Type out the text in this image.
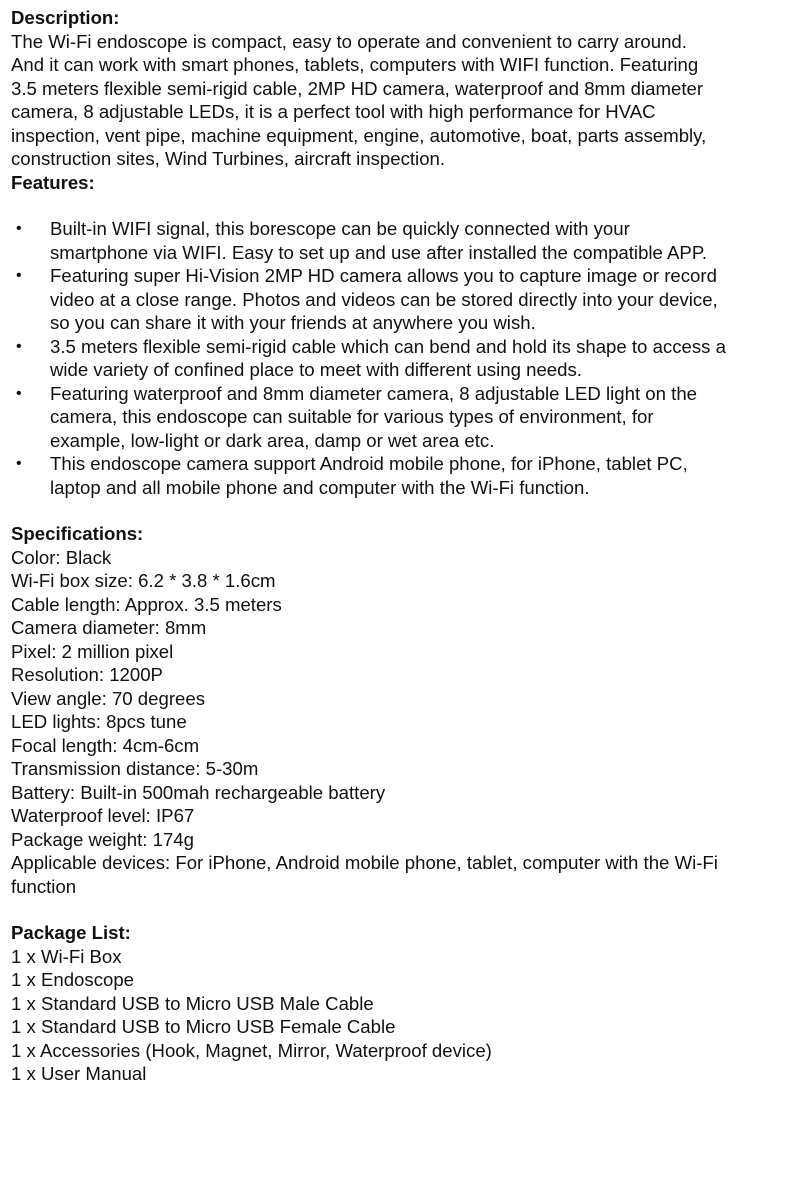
Description:

The Wi-Fi endoscope is compact, easy to operate and convenient to carry around. And it can work with smart phones, tablets, computers with WIFI function. Featuring 3.5 meters flexible semi-rigid cable, 2MP HD camera, waterproof and 8mm diameter camera, 8 adjustable LEDs, it is a perfect tool with high performance for HVAC inspection, vent pipe, machine equipment, engine, automotive, boat, parts assembly, construction sites, Wind Turbines, aircraft inspection.

Features:

• Built-in WIFI signal, this borescope can be quickly connected with your smartphone via WIFI. Easy to set up and use after installed the compatible APP.
• Featuring super Hi-Vision 2MP HD camera allows you to capture image or record video at a close range. Photos and videos can be stored directly into your device, so you can share it with your friends at anywhere you wish.
• 3.5 meters flexible semi-rigid cable which can bend and hold its shape to access a wide variety of confined place to meet with different using needs.
• Featuring waterproof and 8mm diameter camera, 8 adjustable LED light on the camera, this endoscope can suitable for various types of environment, for example, low-light or dark area, damp or wet area etc.
• This endoscope camera support Android mobile phone, for iPhone, tablet PC, laptop and all mobile phone and computer with the Wi-Fi function.

Specifications:

Color: Black

Wi-Fi box size: 6.2 * 3.8 * 1.6cm

Cable length: Approx. 3.5 meters

Camera diameter: 8mm

Pixel: 2 million pixel

Resolution: 1200P

View angle: 70 degrees

LED lights: 8pcs tune

Focal length: 4cm-6cm

Transmission distance: 5-30m

Battery: Built-in 500mah rechargeable battery

Waterproof level: IP67

Package weight: 174g

Applicable devices: For iPhone, Android mobile phone, tablet, computer with the Wi-Fi function

Package List:

1 x Wi-Fi Box

1 x Endoscope

1 x Standard USB to Micro USB Male Cable

1 x Standard USB to Micro USB Female Cable

1 x Accessories (Hook, Magnet, Mirror, Waterproof device)

1 x User Manual
